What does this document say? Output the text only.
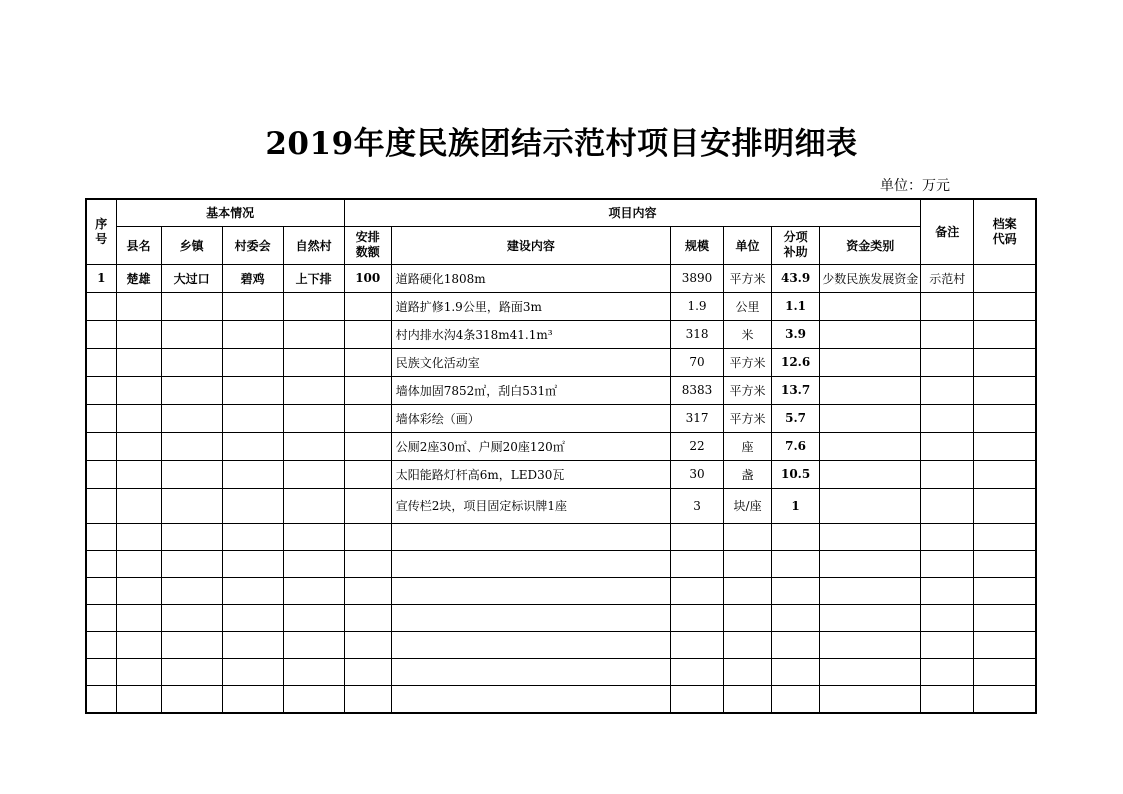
2019年度民族团结示范村项目安排明细表
单位：万元
序号	基本情况				项目内容						备注	档案代码
	县名	乡镇	村委会	自然村	安排数额	建设内容	规模	单位	分项补助	资金类别		
1	楚雄	大过口	碧鸡	上下排	100	道路硬化1808m	3890	平方米	43.9	少数民族发展资金	示范村	
						道路扩修1.9公里，路面3m	1.9	公里	1.1			
						村内排水沟4条318m41.1m³	318	米	3.9			
						民族文化活动室	70	平方米	12.6			
						墙体加固7852㎡，刮白531㎡	8383	平方米	13.7			
						墙体彩绘（画）	317	平方米	5.7			
						公厕2座30㎡、户厕20座120㎡	22	座	7.6			
						太阳能路灯杆高6m，LED30瓦	30	盏	10.5			
						宣传栏2块，项目固定标识牌1座	3	块/座	1			
